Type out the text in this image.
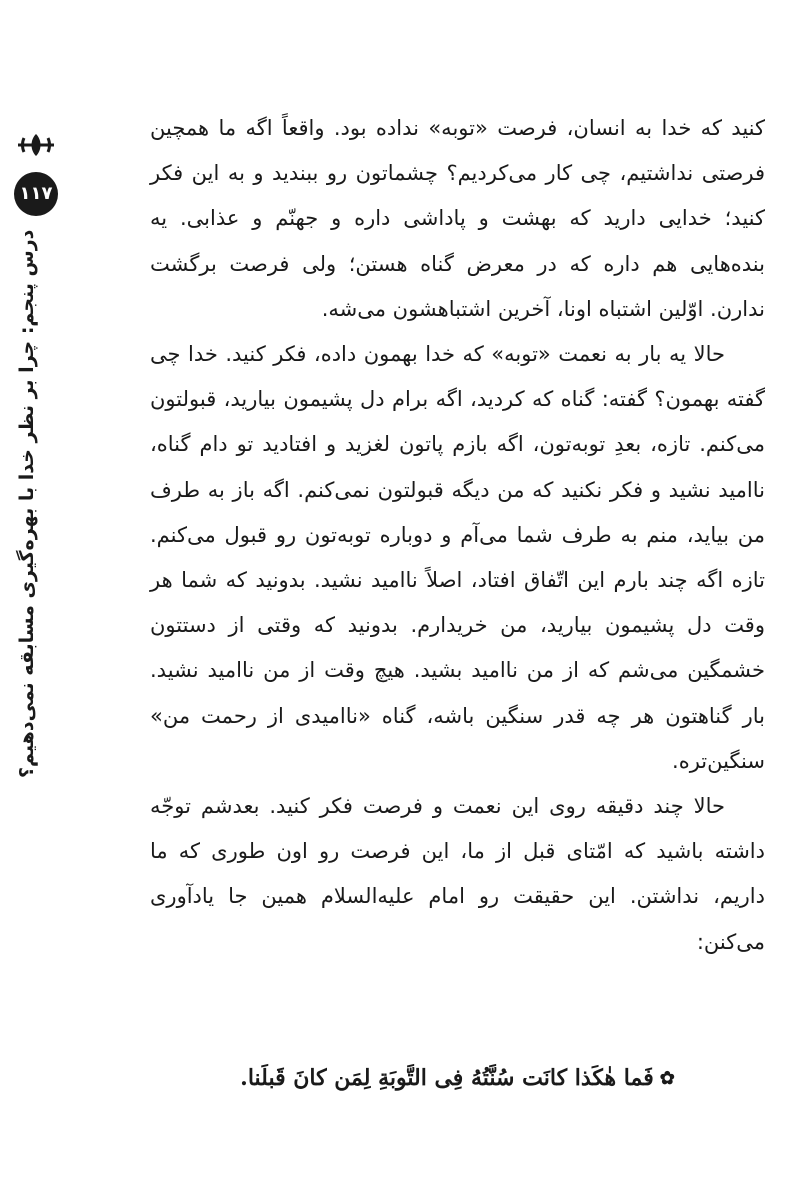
۱۱۷
درس پنجم: چرا بر نظر خدا با بهره‌گیری مسابقه نمی‌دهیم؟

کنید که خدا به انسان، فرصت «توبه» نداده بود. واقعاً اگه ما همچین فرصتی نداشتیم، چی کار می‌کردیم؟ چشماتون رو ببندید و به این فکر کنید؛ خدایی دارید که بهشت و پاداشی داره و جهنّم و عذابی. یه بنده‌هایی هم داره که در معرض گناه هستن؛ ولی فرصت برگشت ندارن. اوّلین اشتباه اونا، آخرین اشتباهشون می‌شه.

حالا یه بار به نعمت «توبه» که خدا بهمون داده، فکر کنید. خدا چی گفته بهمون؟ گفته: گناه که کردید، اگه برام دل پشیمون بیارید، قبولتون می‌کنم. تازه، بعدِ توبه‌تون، اگه بازم پاتون لغزید و افتادید تو دام گناه، ناامید نشید و فکر نکنید که من دیگه قبولتون نمی‌کنم. اگه باز به طرف من بیاید، منم به طرف شما می‌آم و دوباره توبه‌تون رو قبول می‌کنم. تازه اگه چند بارم این اتّفاق افتاد، اصلاً ناامید نشید. بدونید که شما هر وقت دل پشیمون بیارید، من خریدارم. بدونید که وقتی از دستتون خشمگین می‌شم که از من ناامید بشید. هیچ وقت از من ناامید نشید. بار گناهتون هر چه قدر سنگین باشه، گناه «ناامیدی از رحمت من» سنگین‌تره.

حالا چند دقیقه روی این نعمت و فرصت فکر کنید. بعدشم توجّه داشته باشید که امّتای قبل از ما، این فرصت رو اون طوری که ما داریم، نداشتن. این حقیقت رو امام علیه‌السلام همین جا یادآوری می‌کنن:

✿فَما هٰکَذا کانَت سُنَّتُهُ فِی التَّوبَةِ لِمَن کانَ قَبلَنا.
